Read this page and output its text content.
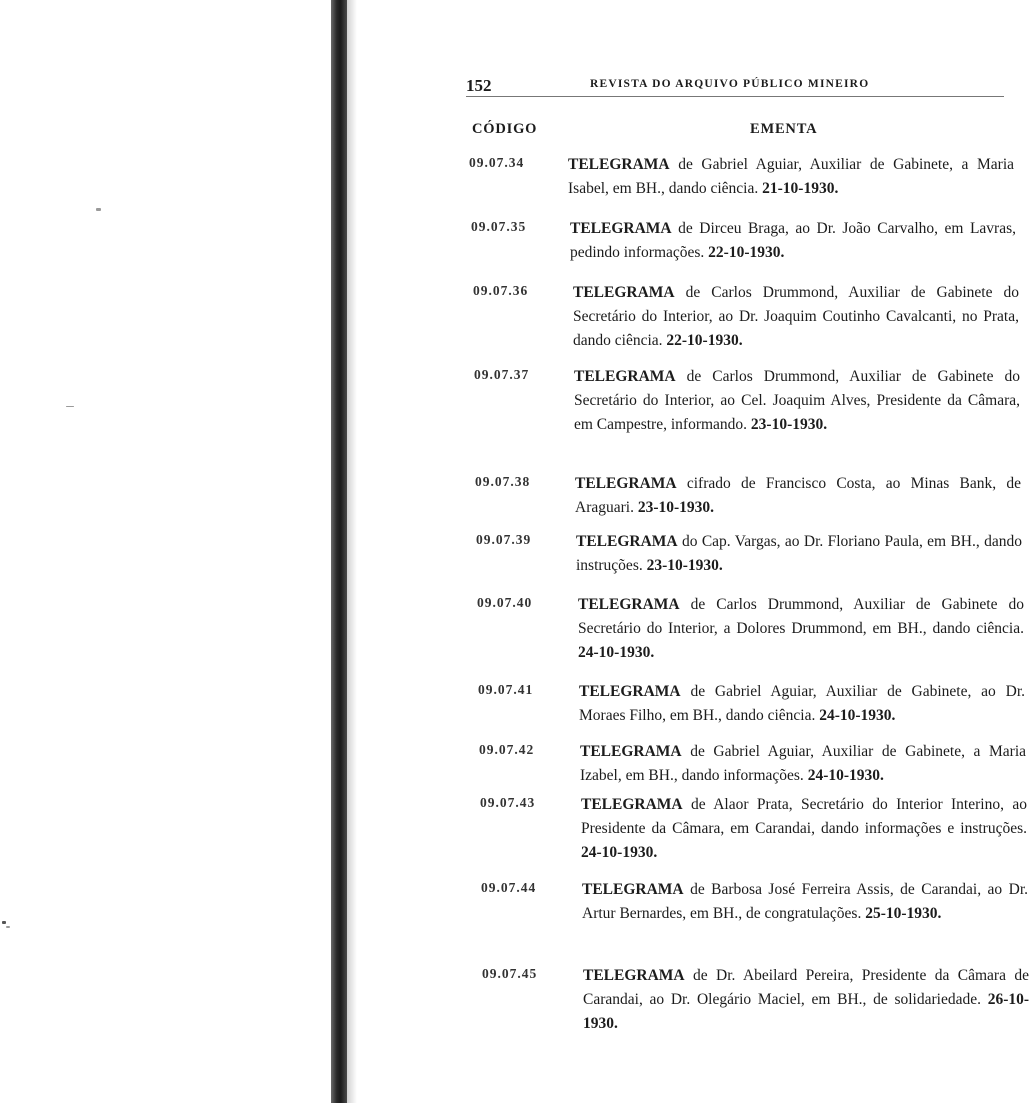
152	REVISTA DO ARQUIVO PÚBLICO MINEIRO
CÓDIGO	EMENTA
09.07.34	TELEGRAMA de Gabriel Aguiar, Auxiliar de Gabinete, a Maria Isabel, em BH., dando ciência. 21-10-1930.

09.07.35	TELEGRAMA de Dirceu Braga, ao Dr. João Carvalho, em Lavras, pedindo informações. 22-10-1930.

09.07.36	TELEGRAMA de Carlos Drummond, Auxiliar de Gabinete do Secretário do Interior, ao Dr. Joaquim Coutinho Cavalcanti, no Prata, dando ciência. 22-10-1930.

09.07.37	TELEGRAMA de Carlos Drummond, Auxiliar de Gabinete do Secretário do Interior, ao Cel. Joaquim Alves, Presidente da Câmara, em Campestre, informando. 23-10-1930.

09.07.38	TELEGRAMA cifrado de Francisco Costa, ao Minas Bank, de Araguari. 23-10-1930.

09.07.39	TELEGRAMA do Cap. Vargas, ao Dr. Floriano Paula, em BH., dando instruções. 23-10-1930.

09.07.40	TELEGRAMA de Carlos Drummond, Auxiliar de Gabinete do Secretário do Interior, a Dolores Drummond, em BH., dando ciência. 24-10-1930.

09.07.41	TELEGRAMA de Gabriel Aguiar, Auxiliar de Gabinete, ao Dr. Moraes Filho, em BH., dando ciência. 24-10-1930.

09.07.42	TELEGRAMA de Gabriel Aguiar, Auxiliar de Gabinete, a Maria Izabel, em BH., dando informações. 24-10-1930.

09.07.43	TELEGRAMA de Alaor Prata, Secretário do Interior Interino, ao Presidente da Câmara, em Carandai, dando informações e instruções. 24-10-1930.

09.07.44	TELEGRAMA de Barbosa José Ferreira Assis, de Carandai, ao Dr. Artur Bernardes, em BH., de congratulações. 25-10-1930.

09.07.45	TELEGRAMA de Dr. Abeilard Pereira, Presidente da Câmara de Carandai, ao Dr. Olegário Maciel, em BH., de solidariedade. 26-10-1930.
